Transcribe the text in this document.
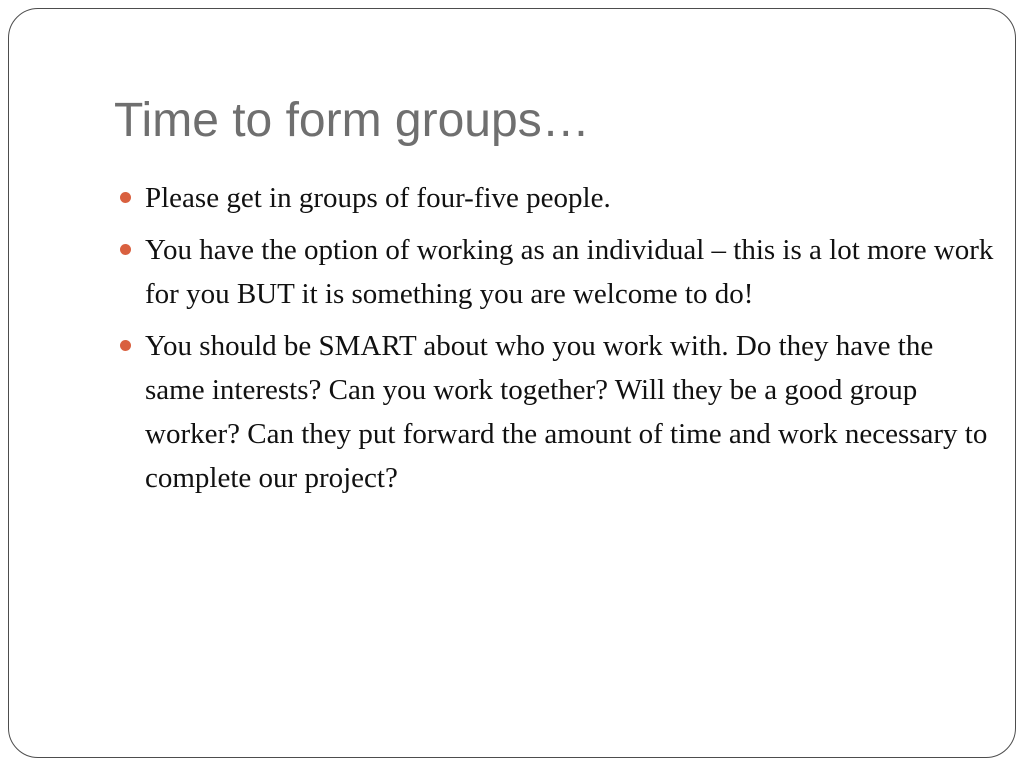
Time to form groups…
Please get in groups of four-five people.
You have the option of working as an individual – this is a lot more work for you BUT it is something you are welcome to do!
You should be SMART about who you work with. Do they have the same interests? Can you work together? Will they be a good group worker? Can they put forward the amount of time and work necessary to complete our project?
